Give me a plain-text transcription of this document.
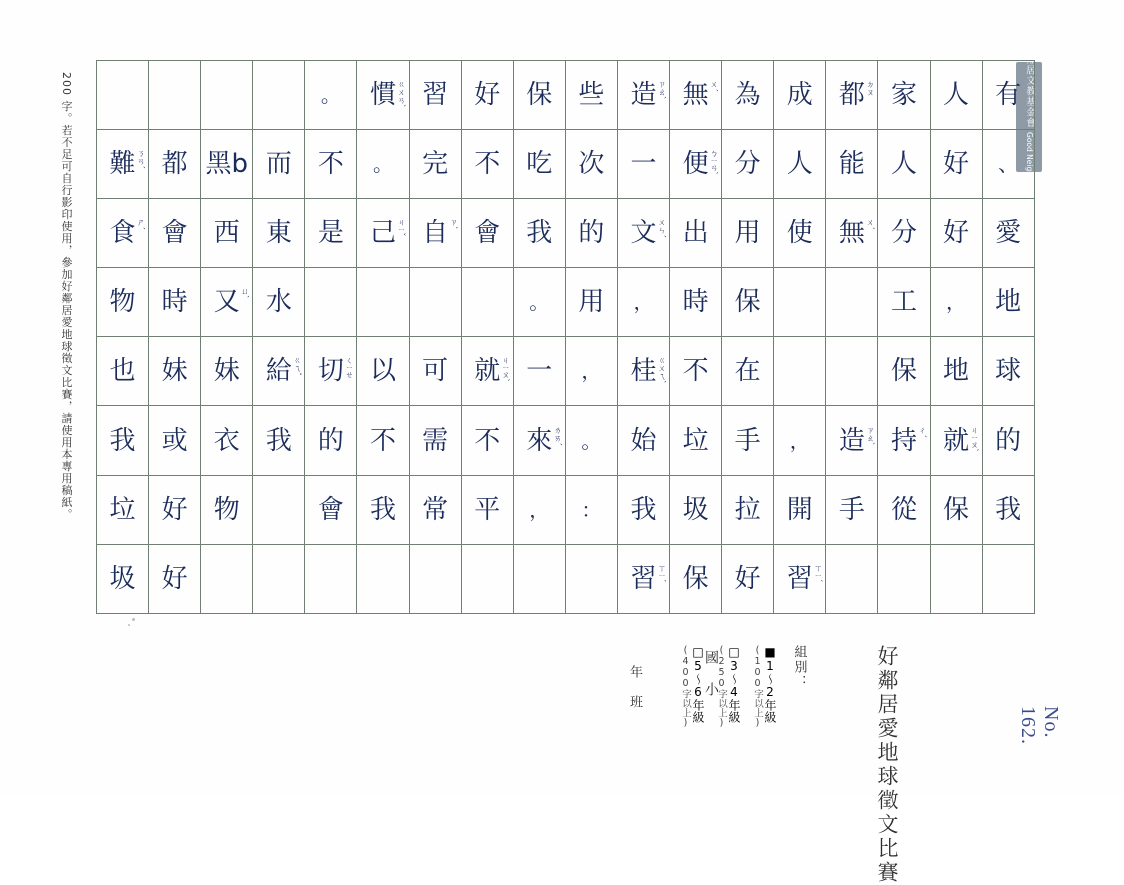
No. 162.
統一超商好鄰居文教基金會 Good Neighbor Foundation
200 字。若不足可自行影印使用，參加好鄰居愛地球徵文比賽，請使用本專用稿紙。
好鄰居愛地球徵文比賽
組別：
■1～2年級
(100字以上)
□3～4年級
(250字以上)
□5～6年級
(400字以上) 國　小
年　班

				。	慣 ㄍㄨㄢˋ	習	好	保	些	造 ㄗㄠˋ	無 ㄨˊ	為	成	都 ㄉㄡ	家	人	有

難 ㄋㄢˊ	都	黑b	而	不	。	完	不	吃	次	一	便 ㄅㄧㄢˋ	分	人	能	人	好	、

食 ㄕˊ	會	西	東	是	己 ㄐㄧˇ	自 ㄗˋ	會	我	的	文 ㄨㄣˊ	出	用	使	無 ㄨˊ	分	好	愛

物	時	又 ㄩˋ	水					。	用	，	時	保			工	，	地

也	妹	妹	給 ㄍㄟˇ	切 ㄑㄧㄝ	以	可	就 ㄐㄧㄡˋ	一	，	桂 ㄍㄨㄟˋ	不	在			保	地	球

我	或	衣	我	的	不	需	不	來 ㄌㄞˊ	。	始	垃	手	，	造 ㄗㄠˋ	持 ㄔˊ	就 ㄐㄧㄡˋ	的

垃	好	物		會	我	常	平	，	：	我	圾	拉	開	手	從	保	我

圾	好									習 ㄒㄧˊ	保	好	習 ㄒㄧˊ				
